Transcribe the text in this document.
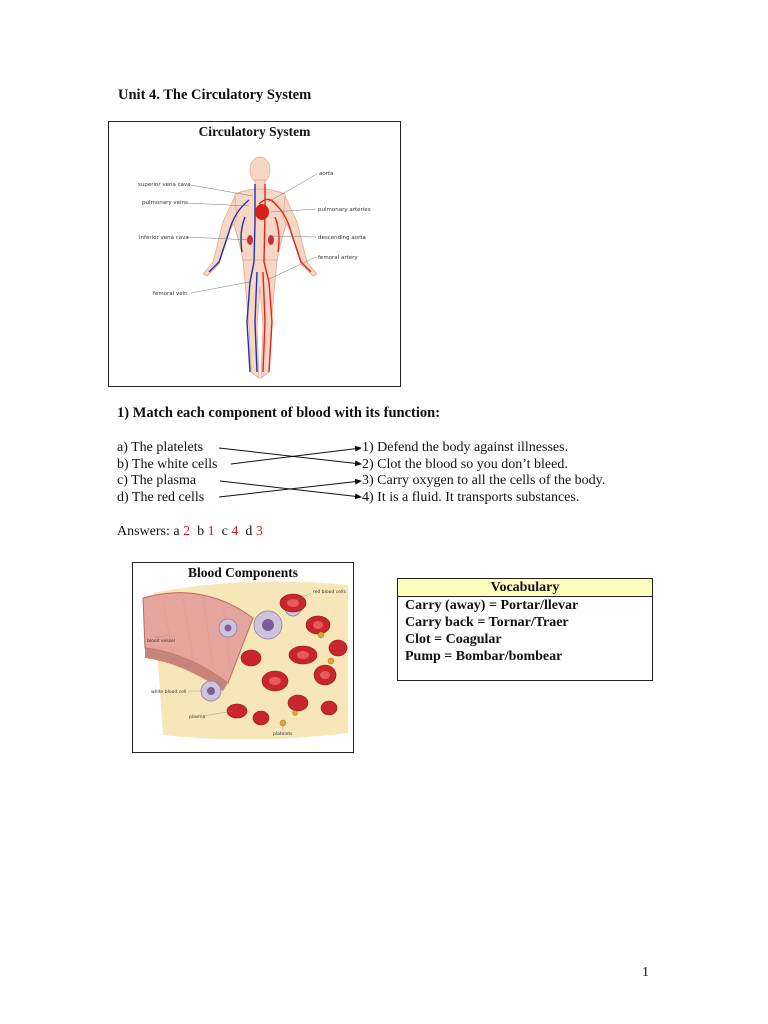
Unit 4. The Circulatory System
Circulatory System
superior vena cava
pulmonary veins
inferior vena cava
femoral vein
aorta
pulmonary arteries
descending aorta
femoral artery
1) Match each component of blood with its function:
a) The platelets
b) The white cells
c) The plasma
d) The red cells
1) Defend the body against illnesses.
2) Clot the blood so you don’t bleed.
3) Carry oxygen to all the cells of the body.
4) It is a fluid. It transports substances.
Answers: a 2 b 1 c 4 d 3
Blood Components
red blood cells
blood vessel
white blood cell
plasma
platelets
Vocabulary
Carry (away) = Portar/llevar
Carry back = Tornar/Traer
Clot = Coagular
Pump = Bombar/bombear
1
